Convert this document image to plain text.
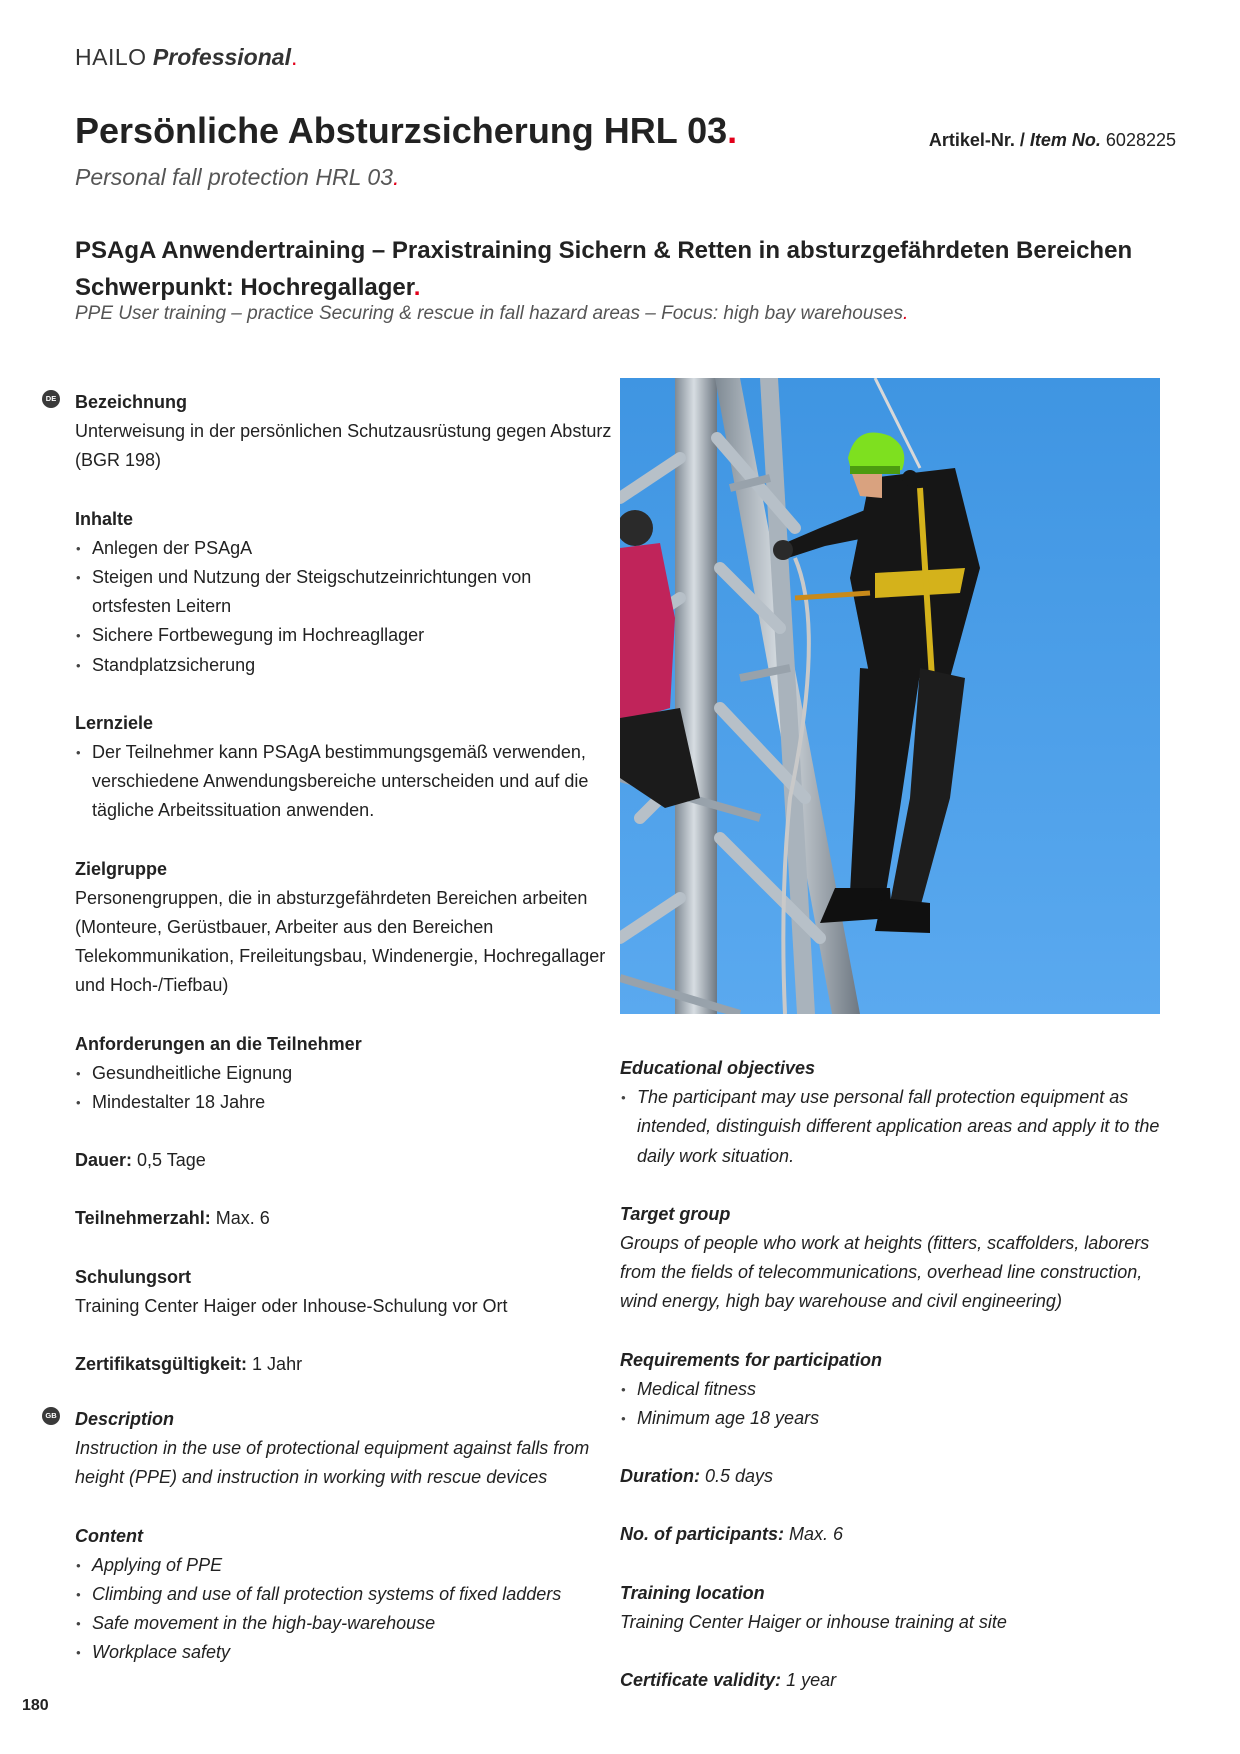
HAILO Professional.
Persönliche Absturzsicherung HRL 03.
Personal fall protection HRL 03.
Artikel-Nr. / Item No. 6028225
PSAgA Anwendertraining – Praxistraining Sichern & Retten in absturzgefährdeten Bereichen
Schwerpunkt: Hochregallager.
PPE User training – practice Securing & rescue in fall hazard areas – Focus: high bay warehouses.
DE
GB

Bezeichnung

Unterweisung in der persönlichen Schutzausrüstung gegen Absturz (BGR 198)

Inhalte

• Anlegen der PSAgA
• Steigen und Nutzung der Steigschutzeinrichtungen von ortsfesten Leitern
• Sichere Fortbewegung im Hochreagllager
• Standplatzsicherung

Lernziele

• Der Teilnehmer kann PSAgA bestimmungsgemäß verwenden, verschiedene Anwendungsbereiche unterscheiden und auf die tägliche Arbeitssituation anwenden.

Zielgruppe

Personengruppen, die in absturzgefährdeten Bereichen arbeiten (Monteure, Gerüstbauer, Arbeiter aus den Bereichen Telekommunikation, Freileitungsbau, Windenergie, Hochregallager und Hoch-/Tiefbau)

Anforderungen an die Teilnehmer

• Gesundheitliche Eignung
• Mindestalter 18 Jahre

Dauer: 0,5 Tage

Teilnehmerzahl: Max. 6

Schulungsort

Training Center Haiger oder Inhouse-Schulung vor Ort

Zertifikatsgültigkeit: 1 Jahr

Description

Instruction in the use of protectional equipment against falls from height (PPE) and instruction in working with rescue devices

Content

• Applying of PPE
• Climbing and use of fall protection systems of fixed ladders
• Safe movement in the high-bay-warehouse
• Workplace safety

Educational objectives

• The participant may use personal fall protection equipment as intended, distinguish different application areas and apply it to the daily work situation.

Target group

Groups of people who work at heights (fitters, scaffolders, laborers from the fields of telecommunications, overhead line construction, wind energy, high bay warehouse and civil engineering)

Requirements for participation

• Medical fitness
• Minimum age 18 years

Duration: 0.5 days

No. of participants: Max. 6

Training location

Training Center Haiger or inhouse training at site

Certificate validity: 1 year

180
